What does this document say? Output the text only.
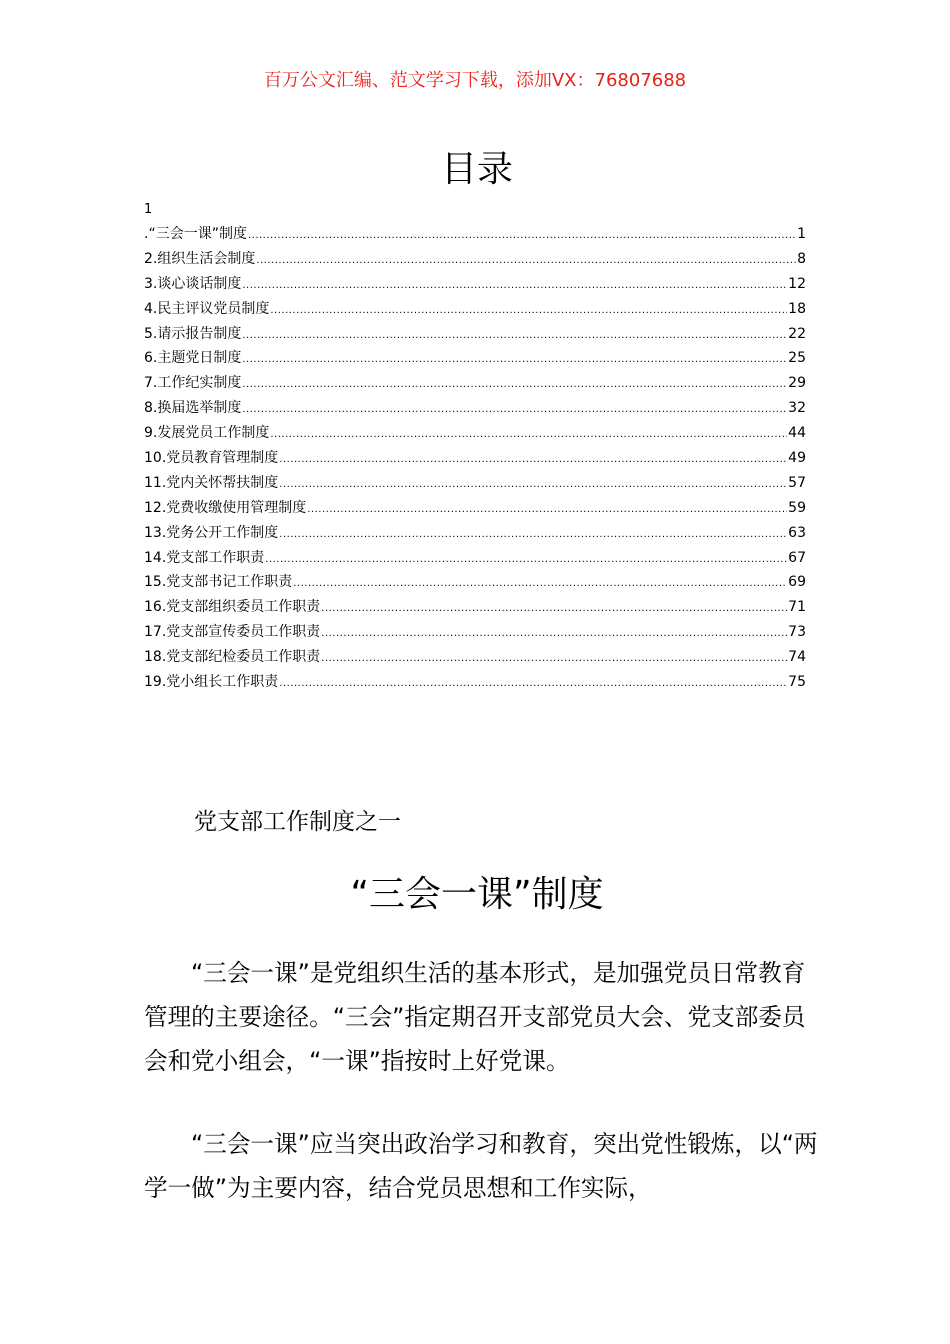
百万公文汇编、范文学习下载，添加VX：76807688
目录
1
.“三会一课”制度 .....	1
2.组织生活会制度 .....	8
3.谈心谈话制度 .....	12
4.民主评议党员制度 .....	18
5.请示报告制度 .....	22
6.主题党日制度 .....	25
7.工作纪实制度 .....	29
8.换届选举制度 .....	32
9.发展党员工作制度 .....	44
10.党员教育管理制度 .....	49
11.党内关怀帮扶制度 .....	57
12.党费收缴使用管理制度 .....	59
13.党务公开工作制度 .....	63
14.党支部工作职责 .....	67
15.党支部书记工作职责 .....	69
16.党支部组织委员工作职责 .....	71
17.党支部宣传委员工作职责 .....	73
18.党支部纪检委员工作职责 .....	74
19.党小组长工作职责 .....	75
党支部工作制度之一
“三会一课”制度
“三会一课”是党组织生活的基本形式，是加强党员日常教育管理的主要途径。“三会”指定期召开支部党员大会、党支部委员会和党小组会，“一课”指按时上好党课。
“三会一课”应当突出政治学习和教育，突出党性锻炼，以“两学一做”为主要内容，结合党员思想和工作实际，
